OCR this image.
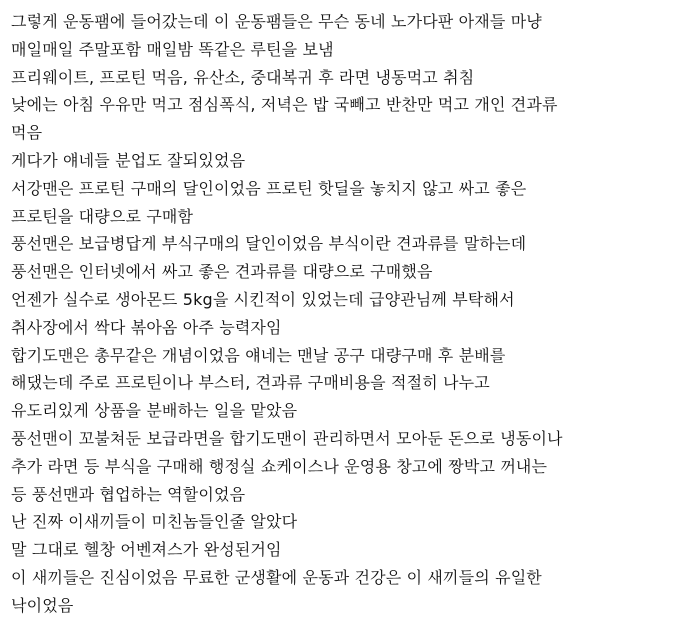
그렇게 운동팸에 들어갔는데 이 운동팸들은 무슨 동네 노가다판 아재들 마냥
매일매일 주말포함 매일밤 똑같은 루틴을 보냄
프리웨이트, 프로틴 먹음, 유산소, 중대복귀 후 라면 냉동먹고 취침
낮에는 아침 우유만 먹고 점심폭식, 저녁은 밥 국빼고 반찬만 먹고 개인 견과류
먹음
게다가 얘네들 분업도 잘되있었음
서강맨은 프로틴 구매의 달인이었음 프로틴 핫딜을 놓치지 않고 싸고 좋은
프로틴을 대량으로 구매함
풍선맨은 보급병답게 부식구매의 달인이었음 부식이란 견과류를 말하는데
풍선맨은 인터넷에서 싸고 좋은 견과류를 대량으로 구매했음
언젠가 실수로 생아몬드 5kg을 시킨적이 있었는데 급양관님께 부탁해서
취사장에서 싹다 볶아옴 아주 능력자임
합기도맨은 총무같은 개념이었음 얘네는 맨날 공구 대량구매 후 분배를
해댔는데 주로 프로틴이나 부스터, 견과류 구매비용을 적절히 나누고
유도리있게 상품을 분배하는 일을 맡았음
풍선맨이 꼬불쳐둔 보급라면을 합기도맨이 관리하면서 모아둔 돈으로 냉동이나
추가 라면 등 부식을 구매해 행정실 쇼케이스나 운영용 창고에 짱박고 꺼내는
등 풍선맨과 협업하는 역할이었음
난 진짜 이새끼들이 미친놈들인줄 알았다
말 그대로 헬창 어벤져스가 완성된거임
이 새끼들은 진심이었음 무료한 군생활에 운동과 건강은 이 새끼들의 유일한
낙이었음
